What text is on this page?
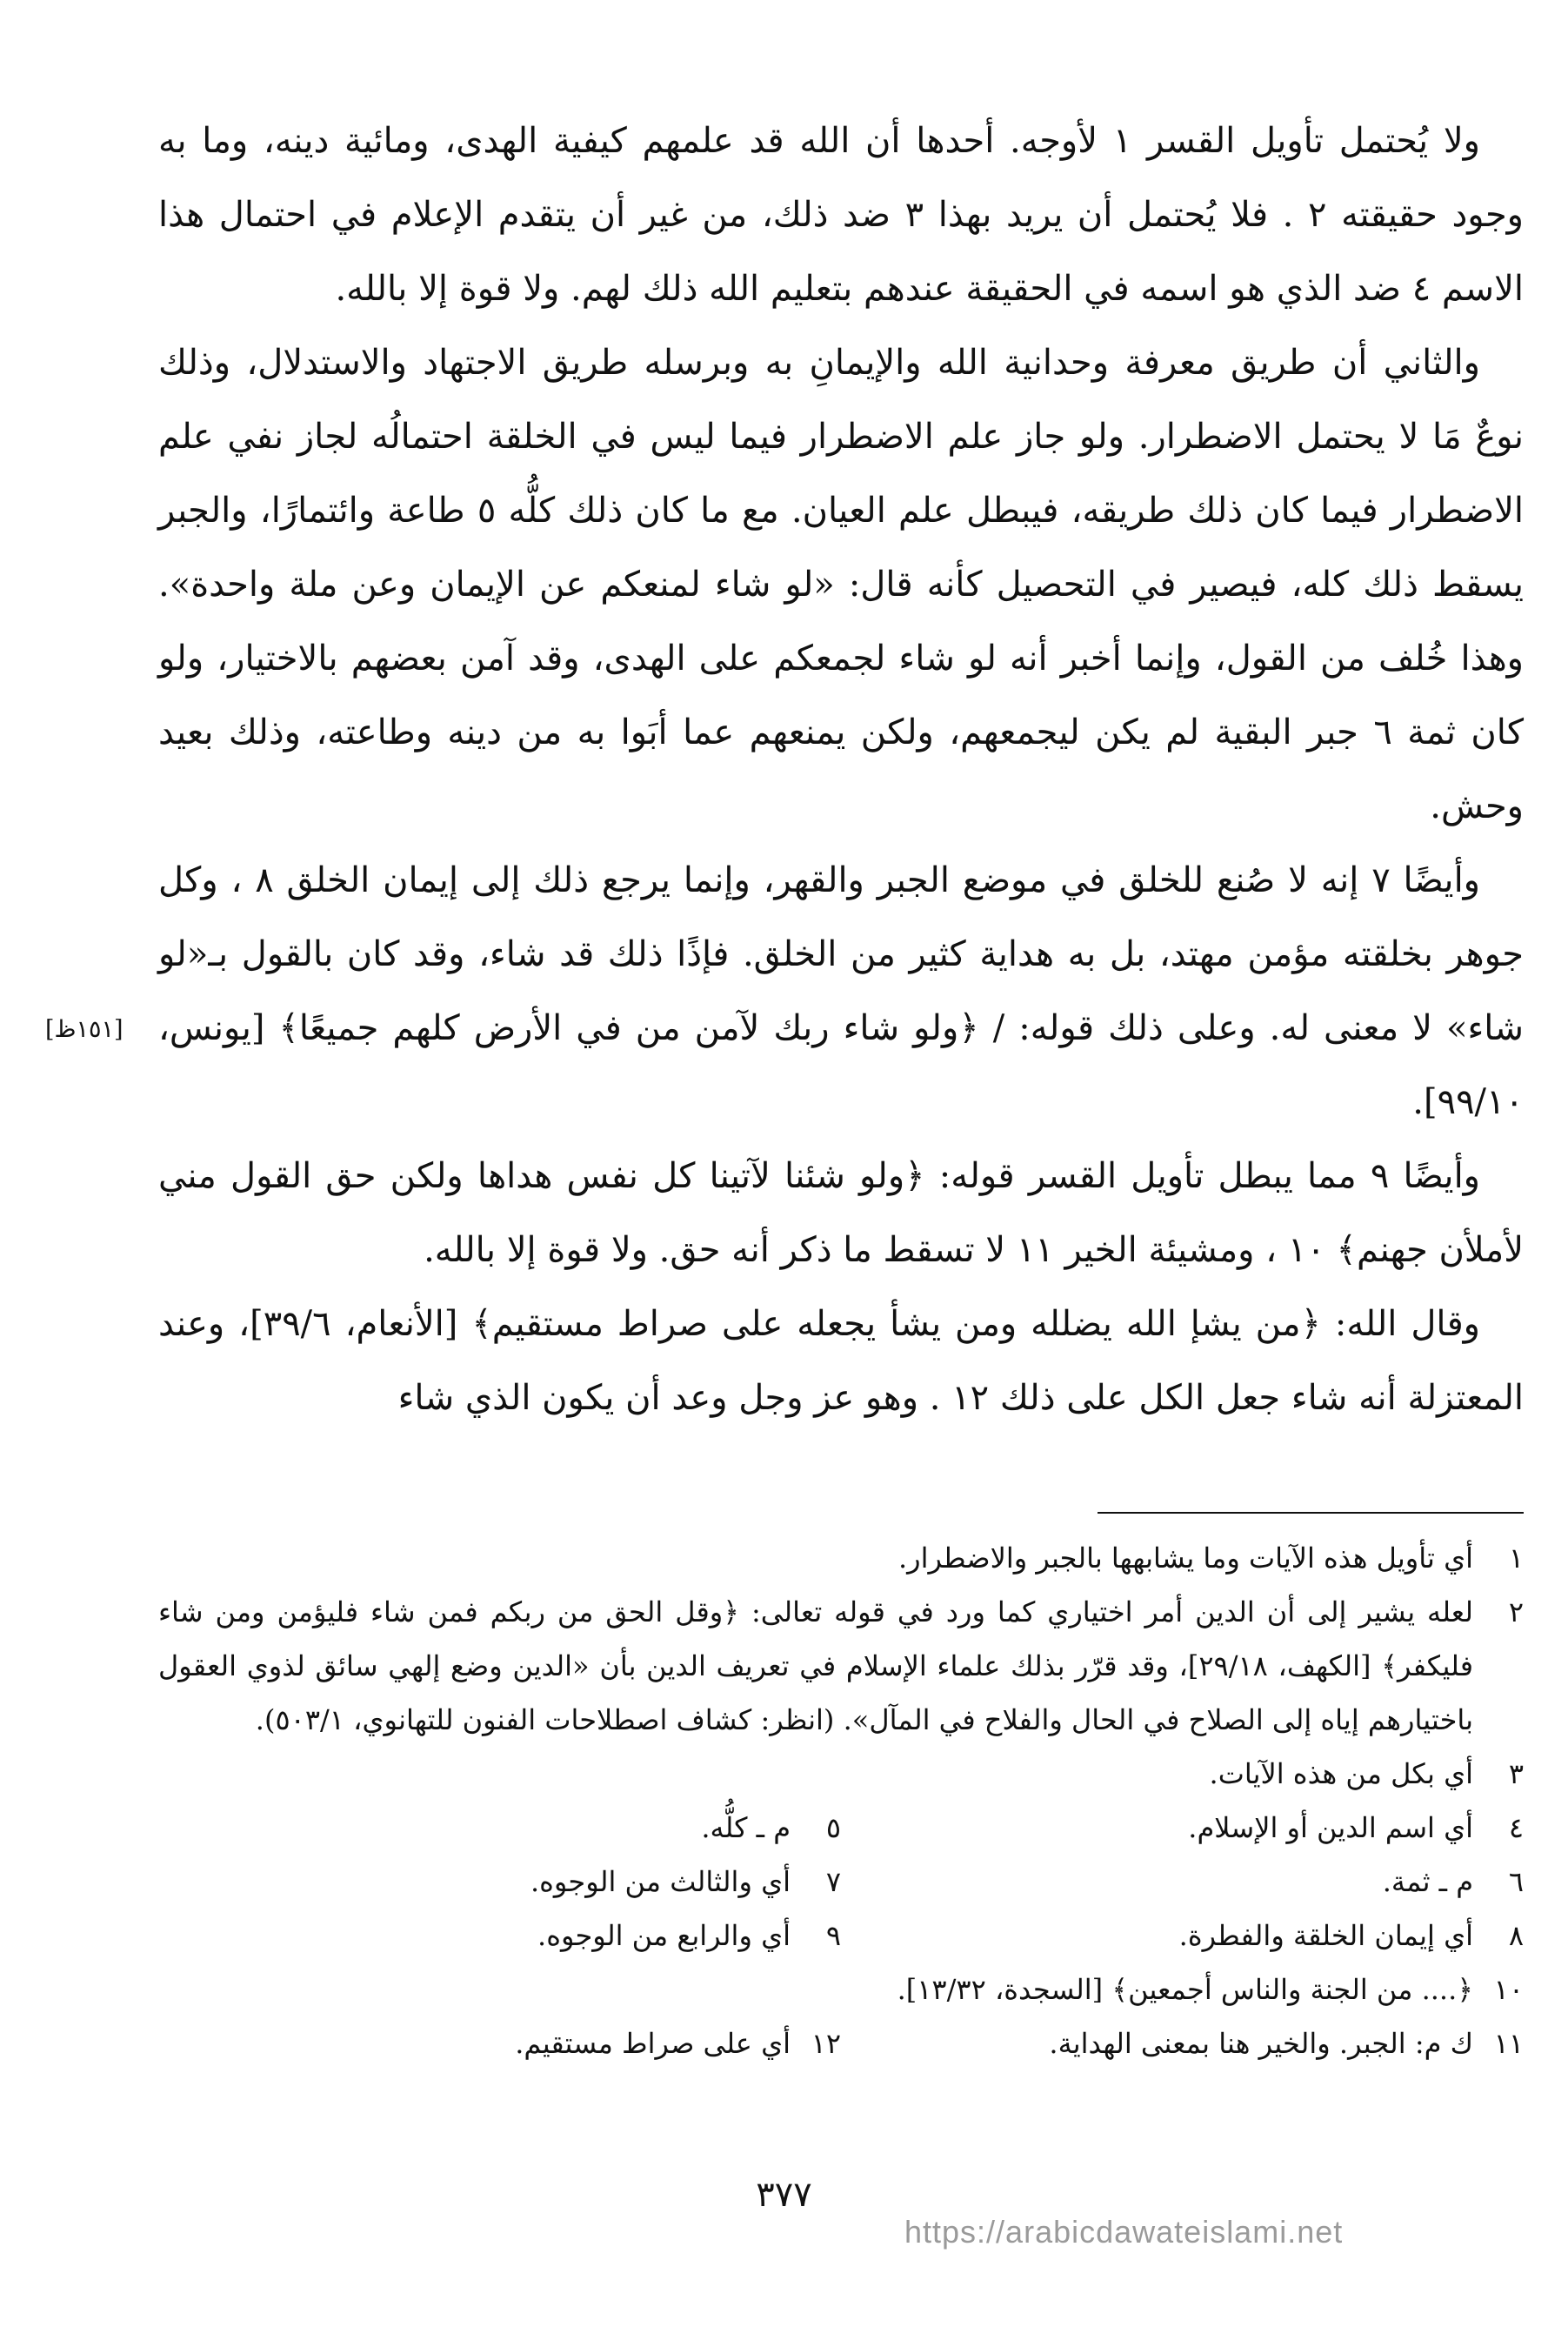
ولا يُحتمل تأويل القسر ١ لأوجه. أحدها أن الله قد علمهم كيفية الهدى، ومائية دينه، وما به وجود حقيقته ٢ . فلا يُحتمل أن يريد بهذا ٣ ضد ذلك، من غير أن يتقدم الإعلام في احتمال هذا الاسم ٤ ضد الذي هو اسمه في الحقيقة عندهم بتعليم الله ذلك لهم. ولا قوة إلا بالله.

والثاني أن طريق معرفة وحدانية الله والإيمانِ به وبرسله طريق الاجتهاد والاستدلال، وذلك نوعٌ مَا لا يحتمل الاضطرار. ولو جاز علم الاضطرار فيما ليس في الخلقة احتمالُه لجاز نفي علم الاضطرار فيما كان ذلك طريقه، فيبطل علم العيان. مع ما كان ذلك كلُّه ٥ طاعة وائتمارًا، والجبر يسقط ذلك كله، فيصير في التحصيل كأنه قال: «لو شاء لمنعكم عن الإيمان وعن ملة واحدة». وهذا خُلف من القول، وإنما أخبر أنه لو شاء لجمعكم على الهدى، وقد آمن بعضهم بالاختيار، ولو كان ثمة ٦ جبر البقية لم يكن ليجمعهم، ولكن يمنعهم عما أبَوا به من دينه وطاعته، وذلك بعيد وحش.

وأيضًا ٧ إنه لا صُنع للخلق في موضع الجبر والقهر، وإنما يرجع ذلك إلى إيمان الخلق ٨ ، وكل جوهر بخلقته مؤمن مهتد، بل به هداية كثير من الخلق. فإذًا ذلك قد شاء، وقد كان بالقول بـ«لو شاء» لا معنى له. وعلى ذلك قوله: / ﴿ولو شاء ربك لآمن من في الأرض كلهم جميعًا﴾ [يونس، ٩٩/١٠].

وأيضًا ٩ مما يبطل تأويل القسر قوله: ﴿ولو شئنا لآتينا كل نفس هداها ولكن حق القول مني لأملأن جهنم﴾ ١٠ ، ومشيئة الخير ١١ لا تسقط ما ذكر أنه حق. ولا قوة إلا بالله.

وقال الله: ﴿من يشإ الله يضلله ومن يشأ يجعله على صراط مستقيم﴾ [الأنعام، ٣٩/٦]، وعند المعتزلة أنه شاء جعل الكل على ذلك ١٢ . وهو عز وجل وعد أن يكون الذي شاء

[١٥١ظ]
١
أي تأويل هذه الآيات وما يشابهها بالجبر والاضطرار.
٢
لعله يشير إلى أن الدين أمر اختياري كما ورد في قوله تعالى: ﴿وقل الحق من ربكم فمن شاء فليؤمن ومن شاء فليكفر﴾ [الكهف، ٢٩/١٨]، وقد قرّر بذلك علماء الإسلام في تعريف الدين بأن «الدين وضع إلهي سائق لذوي العقول باختيارهم إياه إلى الصلاح في الحال والفلاح في المآل». (انظر: كشاف اصطلاحات الفنون للتهانوي، ٥٠٣/١).
٣
أي بكل من هذه الآيات.
٤
أي اسم الدين أو الإسلام.
٥
م ـ كلُّه.
٦
م ـ ثمة.
٧
أي والثالث من الوجوه.
٨
أي إيمان الخلقة والفطرة.
٩
أي والرابع من الوجوه.
١٠
﴿.... من الجنة والناس أجمعين﴾ [السجدة، ١٣/٣٢].
١١
ك م: الجبر. والخير هنا بمعنى الهداية.
١٢
أي على صراط مستقيم.
٣٧٧
https://arabicdawateislami.net
